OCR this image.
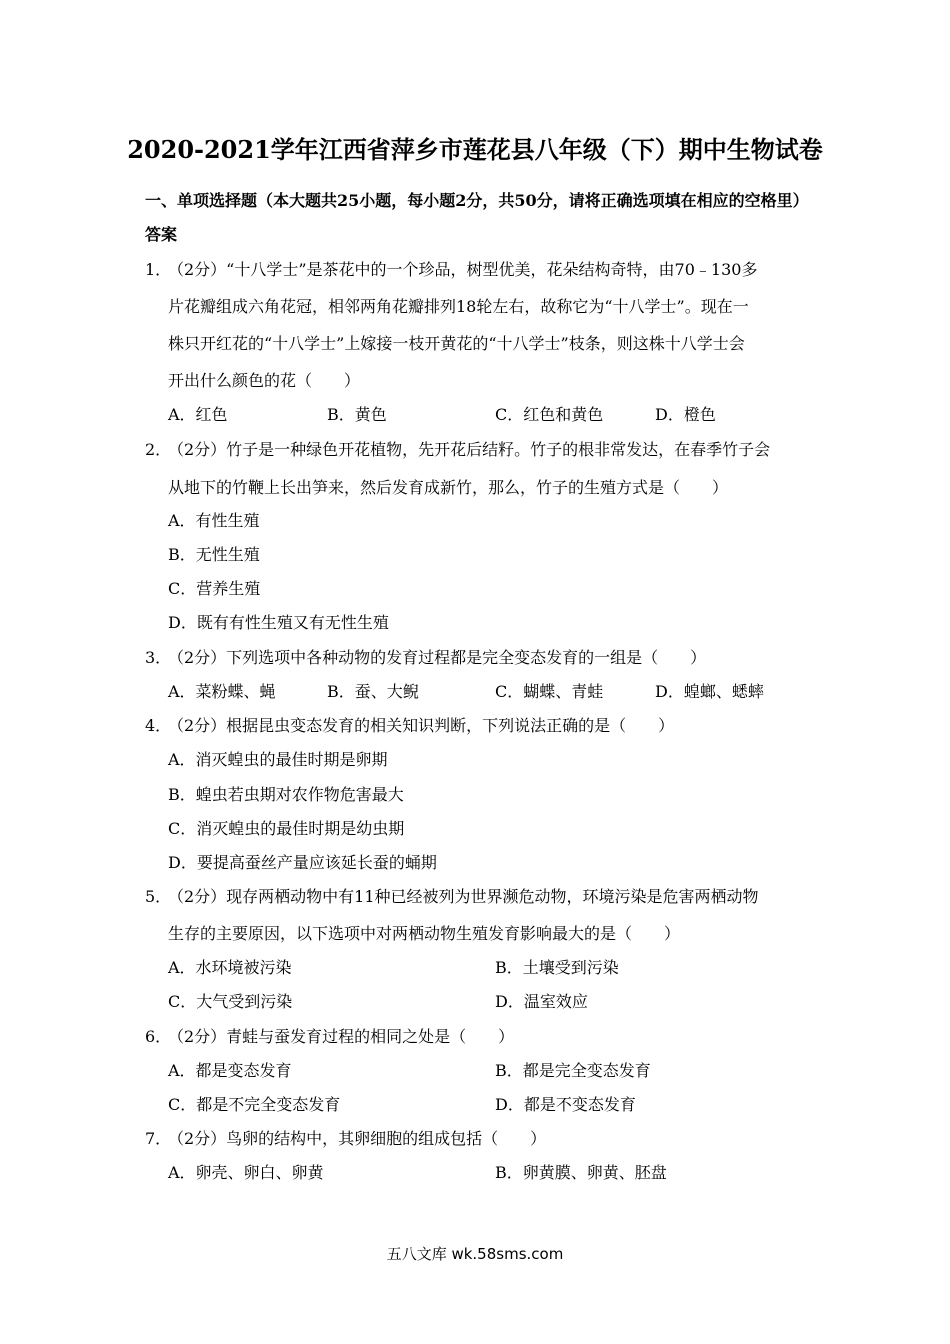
2020-2021学年江西省萍乡市莲花县八年级（下）期中生物试卷
一、单项选择题（本大题共25小题，每小题2分，共50分，请将正确选项填在相应的空格里）答案
1．
（2分）“十八学士”是茶花中的一个珍品，树型优美，花朵结构奇特，由70﹣130多
片花瓣组成六角花冠，相邻两角花瓣排列18轮左右，故称它为“十八学士”。现在一
株只开红花的“十八学士”上嫁接一枝开黄花的“十八学士”枝条，则这株十八学士会
开出什么颜色的花（　　）
A．红色	B．黄色	C．红色和黄色	D．橙色
2．
（2分）竹子是一种绿色开花植物，先开花后结籽。竹子的根非常发达，在春季竹子会
从地下的竹鞭上长出笋来，然后发育成新竹，那么，竹子的生殖方式是（　　）
A．有性生殖
B．无性生殖
C．营养生殖
D．既有有性生殖又有无性生殖
3．
（2分）下列选项中各种动物的发育过程都是完全变态发育的一组是（　　）
A．菜粉蝶、蝇	B．蚕、大鲵	C．蝴蝶、青蛙	D．蝗螂、蟋蟀
4．
（2分）根据昆虫变态发育的相关知识判断，下列说法正确的是（　　）
A．消灭蝗虫的最佳时期是卵期
B．蝗虫若虫期对农作物危害最大
C．消灭蝗虫的最佳时期是幼虫期
D．要提高蚕丝产量应该延长蚕的蛹期
5．
（2分）现存两栖动物中有11种已经被列为世界濒危动物，环境污染是危害两栖动物
生存的主要原因，以下选项中对两栖动物生殖发育影响最大的是（　　）
A．水环境被污染	B．土壤受到污染
C．大气受到污染	D．温室效应
6．
（2分）青蛙与蚕发育过程的相同之处是（　　）
A．都是变态发育	B．都是完全变态发育
C．都是不完全变态发育	D．都是不变态发育
7．
（2分）鸟卵的结构中，其卵细胞的组成包括（　　）
A．卵壳、卵白、卵黄	B．卵黄膜、卵黄、胚盘
五八文库 wk.58sms.com
